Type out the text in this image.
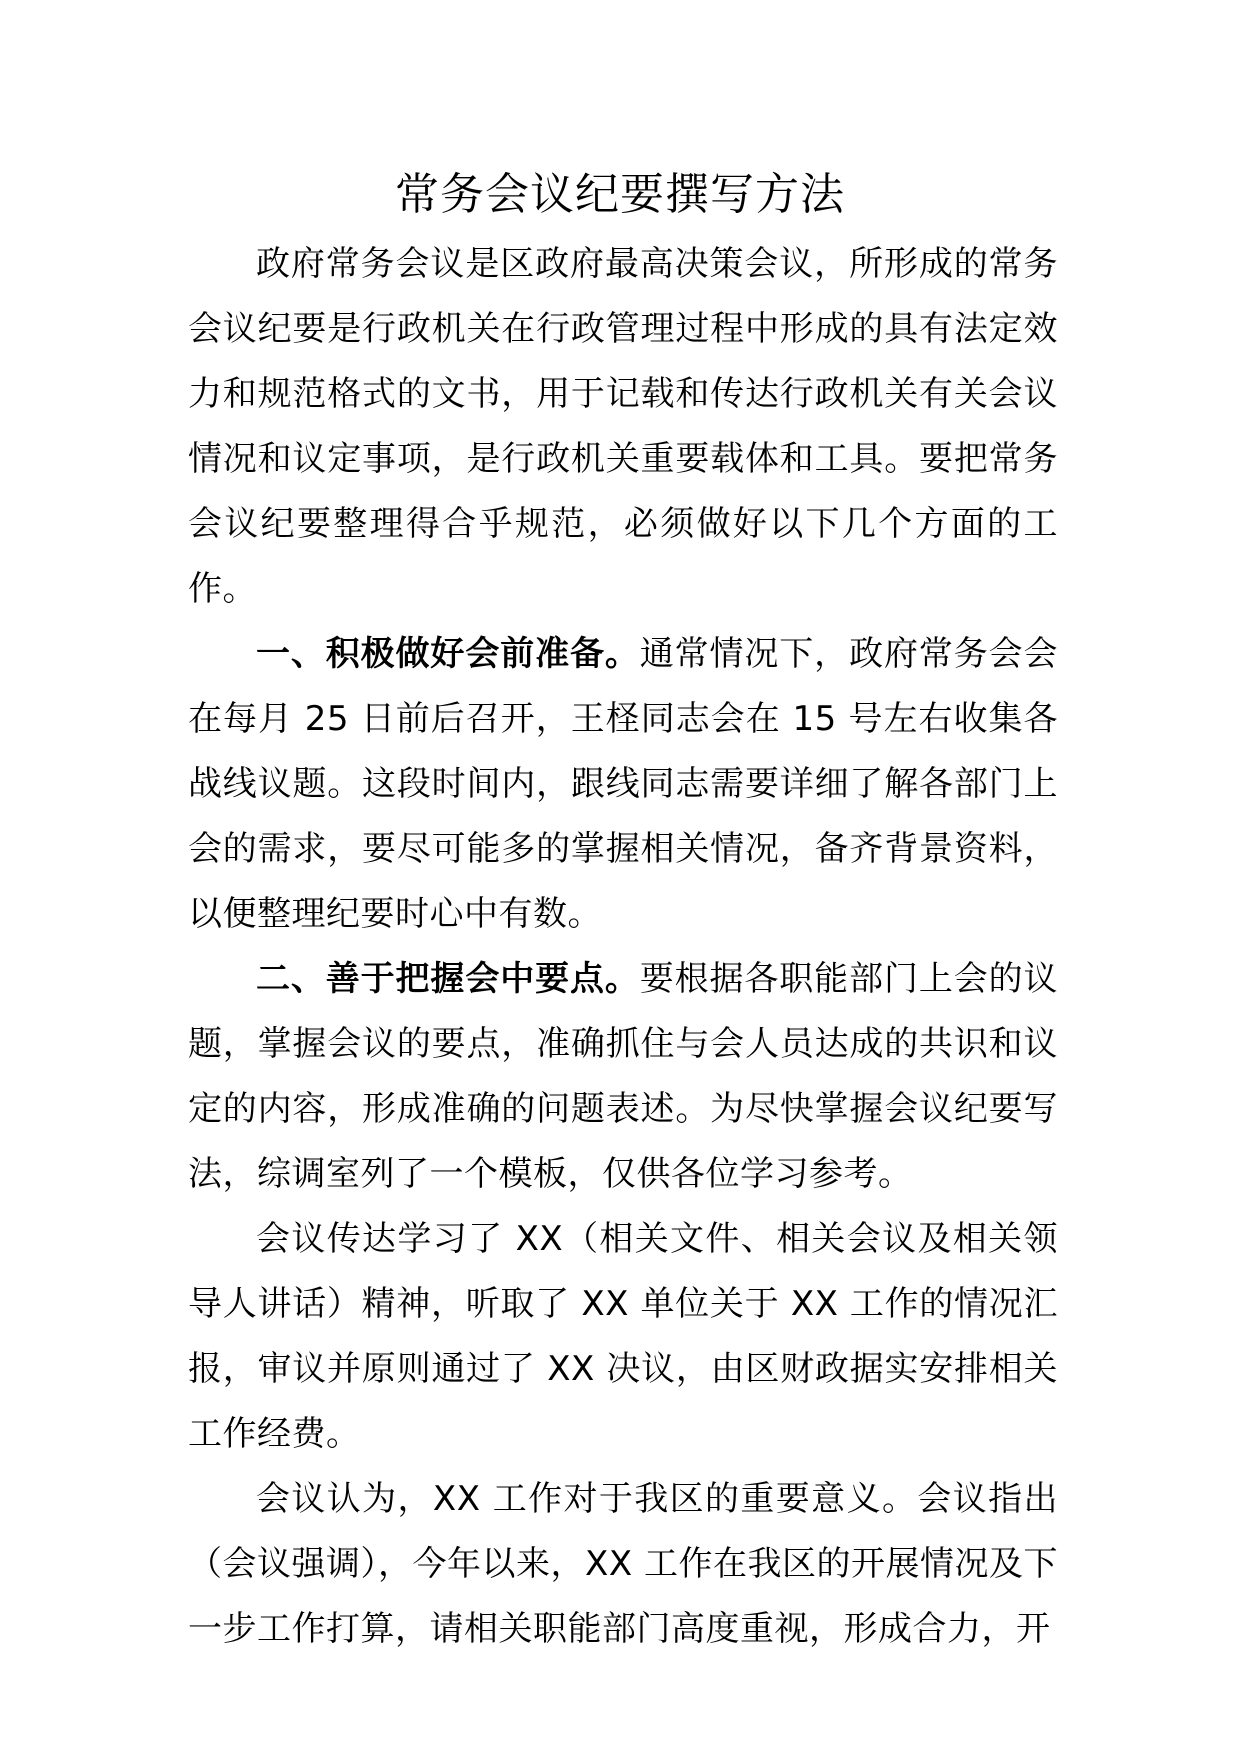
常务会议纪要撰写方法

政府常务会议是区政府最高决策会议，所形成的常务会议纪要是行政机关在行政管理过程中形成的具有法定效力和规范格式的文书，用于记载和传达行政机关有关会议情况和议定事项，是行政机关重要载体和工具。要把常务会议纪要整理得合乎规范，必须做好以下几个方面的工作。

一、积极做好会前准备。通常情况下，政府常务会会在每月 25 日前后召开，王柽同志会在 15 号左右收集各战线议题。这段时间内，跟线同志需要详细了解各部门上会的需求，要尽可能多的掌握相关情况，备齐背景资料，以便整理纪要时心中有数。

二、善于把握会中要点。要根据各职能部门上会的议题，掌握会议的要点，准确抓住与会人员达成的共识和议定的内容，形成准确的问题表述。为尽快掌握会议纪要写法，综调室列了一个模板，仅供各位学习参考。

会议传达学习了 XX（相关文件、相关会议及相关领导人讲话）精神，听取了 XX 单位关于 XX 工作的情况汇报，审议并原则通过了 XX 决议，由区财政据实安排相关工作经费。

会议认为，XX 工作对于我区的重要意义。会议指出（会议强调），今年以来，XX 工作在我区的开展情况及下一步工作打算，请相关职能部门高度重视，形成合力，开
